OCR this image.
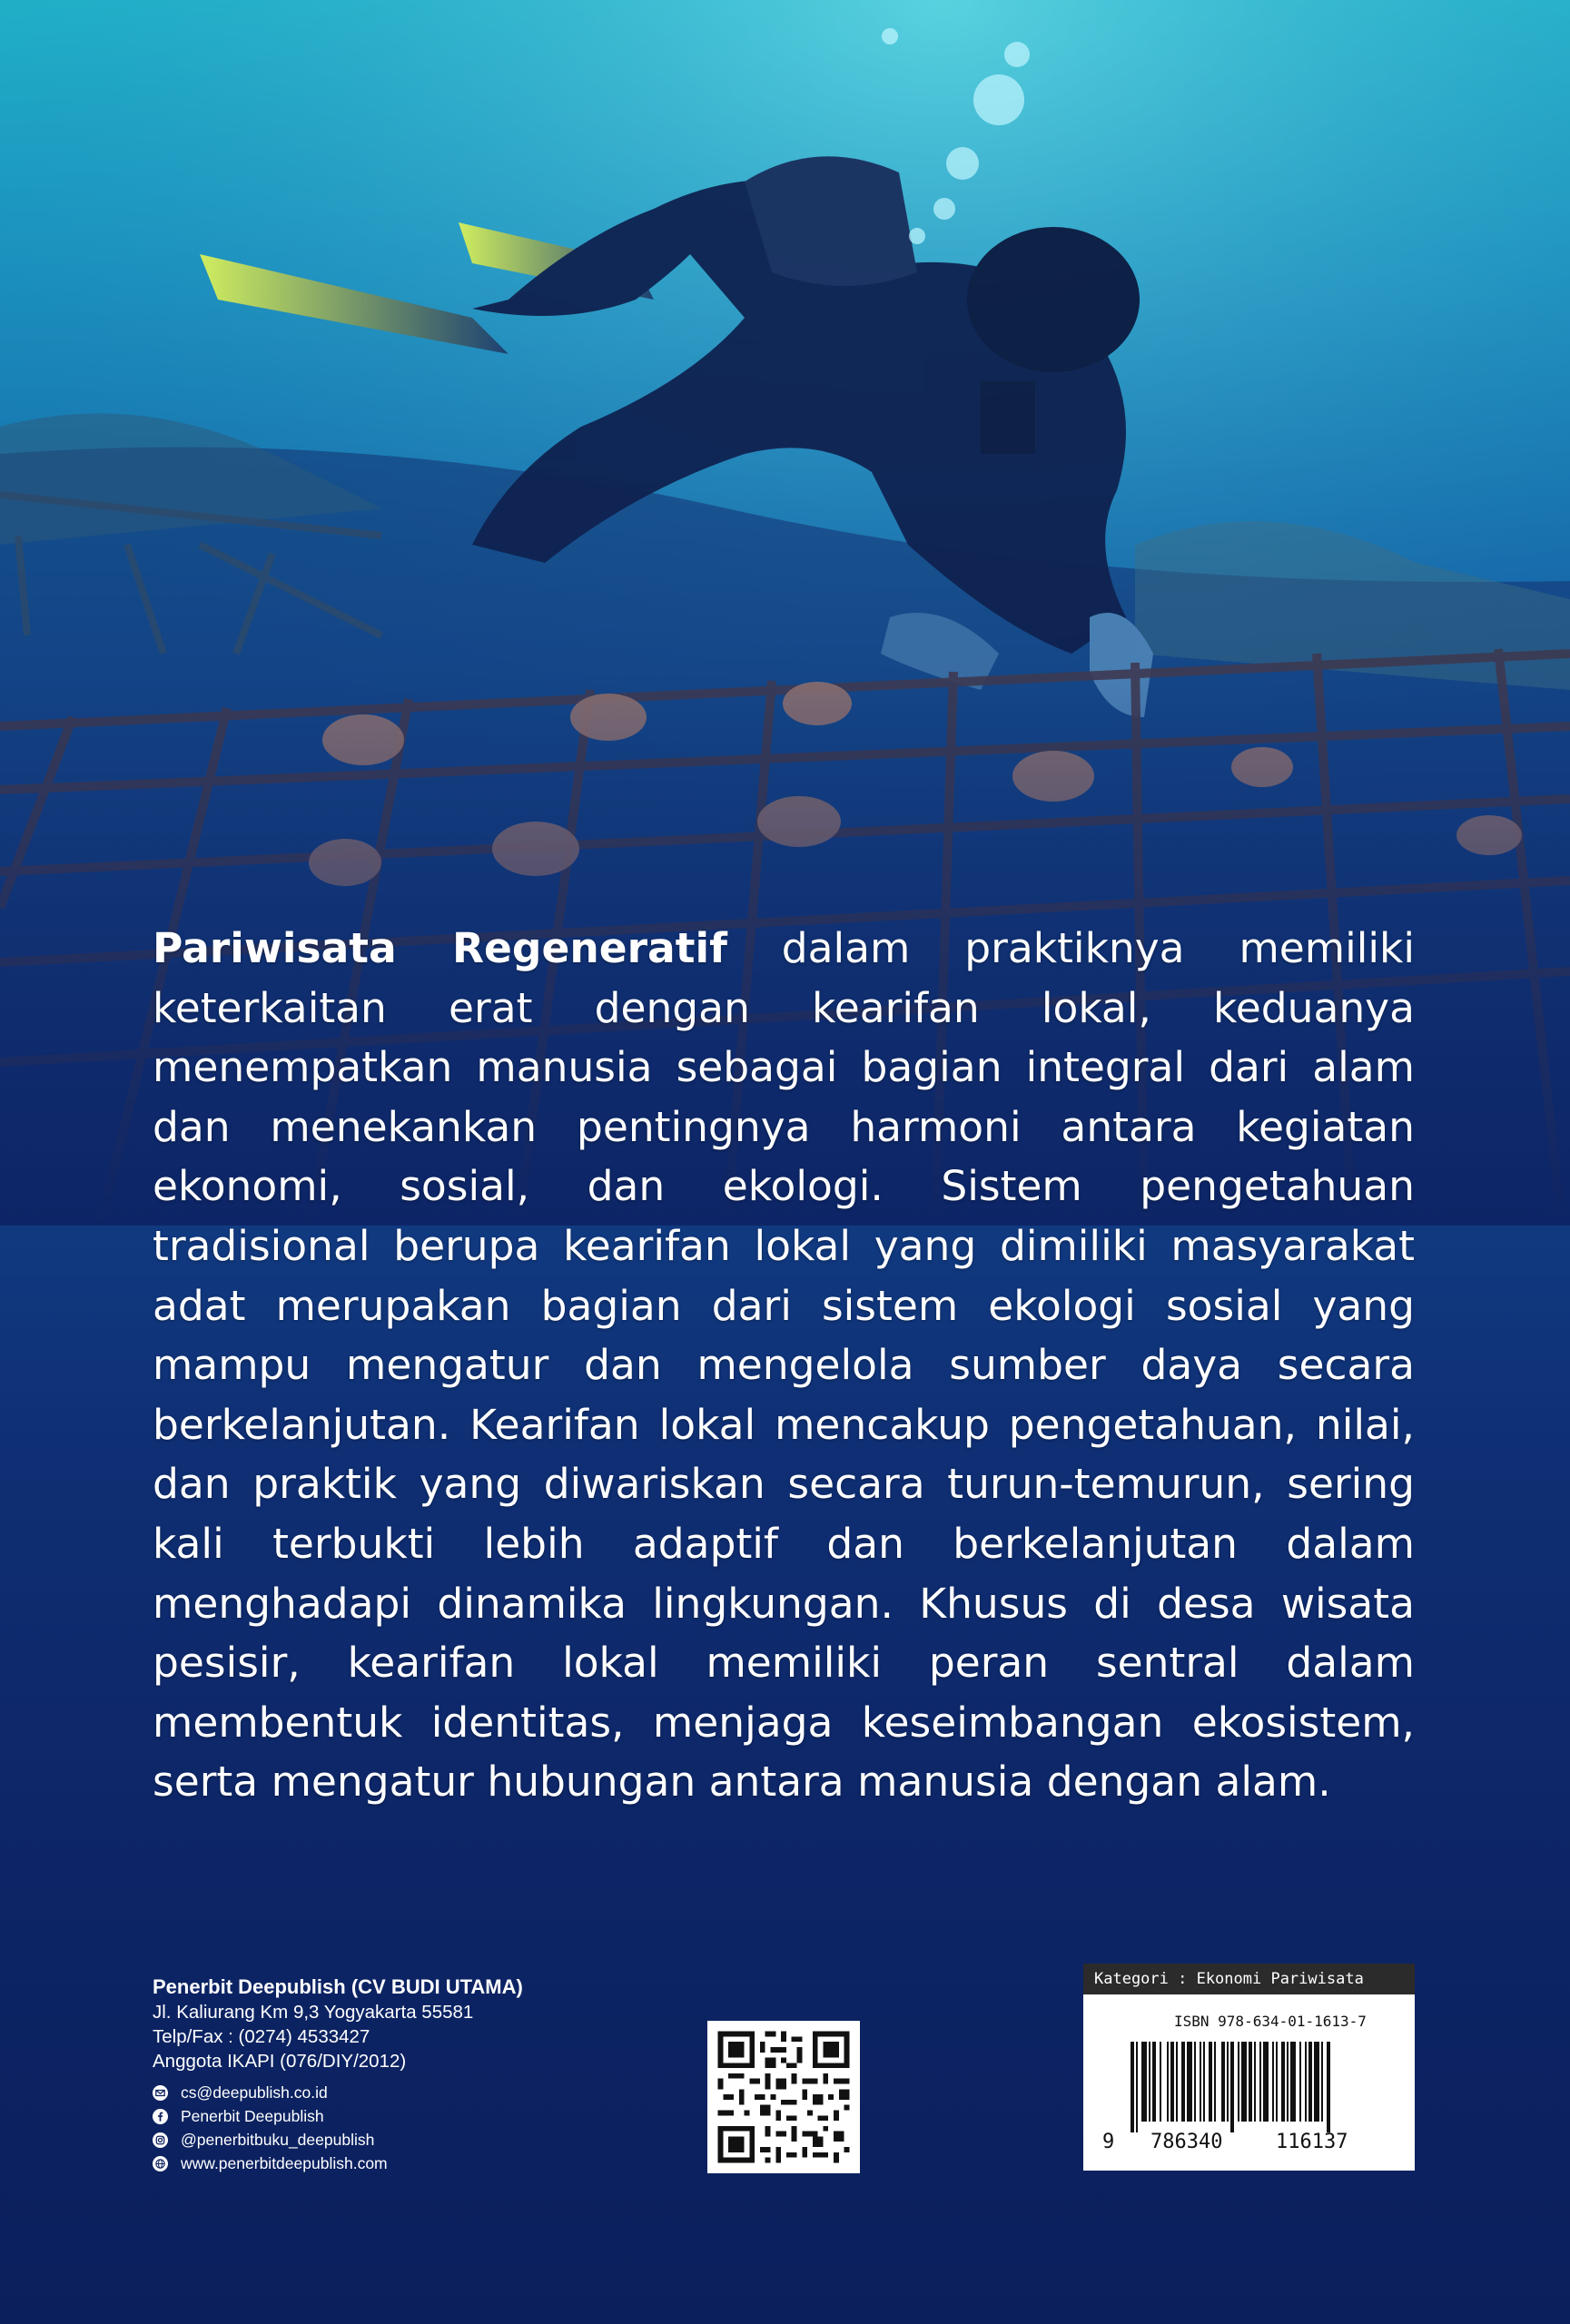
Pariwisata Regeneratif dalam praktiknya memiliki keterkaitan erat dengan kearifan lokal, keduanya menempatkan manusia sebagai bagian integral dari alam dan menekankan pentingnya harmoni antara kegiatan ekonomi, sosial, dan ekologi. Sistem pengetahuan tradisional berupa kearifan lokal yang dimiliki masyarakat adat merupakan bagian dari sistem ekologi sosial yang mampu mengatur dan mengelola sumber daya secara berkelanjutan. Kearifan lokal mencakup pengetahuan, nilai, dan praktik yang diwariskan secara turun-temurun, sering kali terbukti lebih adaptif dan berkelanjutan dalam menghadapi dinamika lingkungan. Khusus di desa wisata pesisir, kearifan lokal memiliki peran sentral dalam membentuk identitas, menjaga keseimbangan ekosistem, serta mengatur hubungan antara manusia dengan alam.

Penerbit Deepublish (CV BUDI UTAMA)
Jl. Kaliurang Km 9,3 Yogyakarta 55581
Telp/Fax : (0274) 4533427
Anggota IKAPI (076/DIY/2012)
cs@deepublish.co.id
Penerbit Deepublish
@penerbitbuku_deepublish
www.penerbitdeepublish.com
Kategori : Ekonomi Pariwisata
ISBN 978-634-01-1613-7
9 786340	116137
